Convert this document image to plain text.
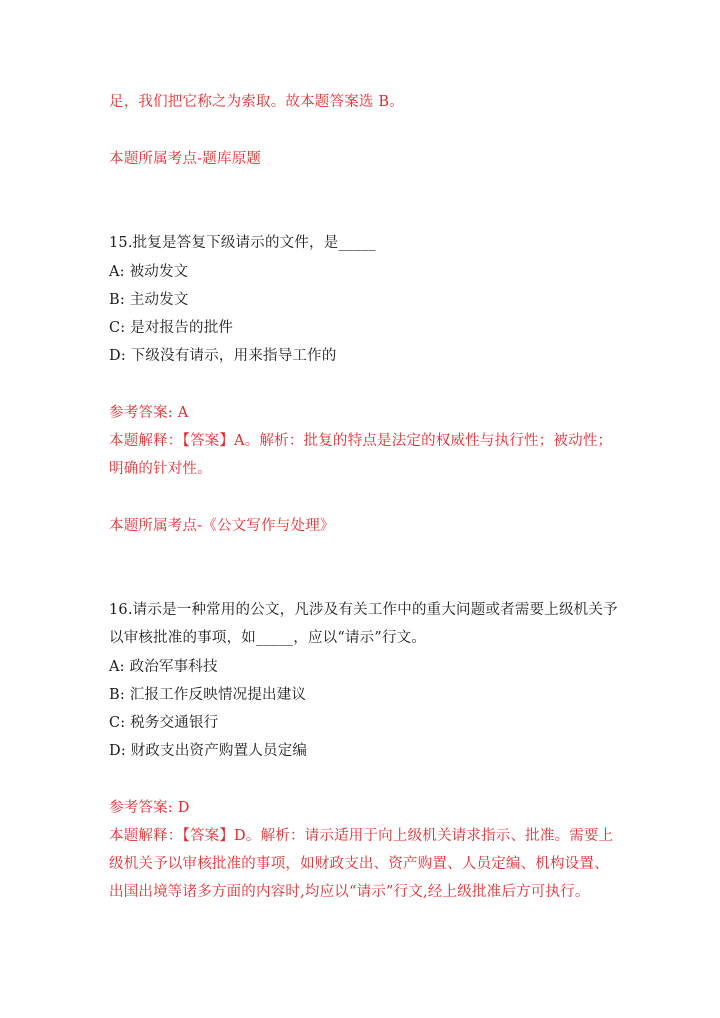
足，我们把它称之为索取。故本题答案选 B。
本题所属考点-题库原题
15.批复是答复下级请示的文件，是_____
A: 被动发文
B: 主动发文
C: 是对报告的批件
D: 下级没有请示，用来指导工作的
参考答案: A
本题解释：【答案】A。解析：批复的特点是法定的权威性与执行性；被动性；
明确的针对性。
本题所属考点-《公文写作与处理》
16.请示是一种常用的公文，凡涉及有关工作中的重大问题或者需要上级机关予
以审核批准的事项，如_____，应以“请示”行文。
A: 政治军事科技
B: 汇报工作反映情况提出建议
C: 税务交通银行
D: 财政支出资产购置人员定编
参考答案: D
本题解释：【答案】D。解析：请示适用于向上级机关请求指示、批准。需要上
级机关予以审核批准的事项，如财政支出、资产购置、人员定编、机构设置、
出国出境等诸多方面的内容时,均应以“请示”行文,经上级批准后方可执行。
